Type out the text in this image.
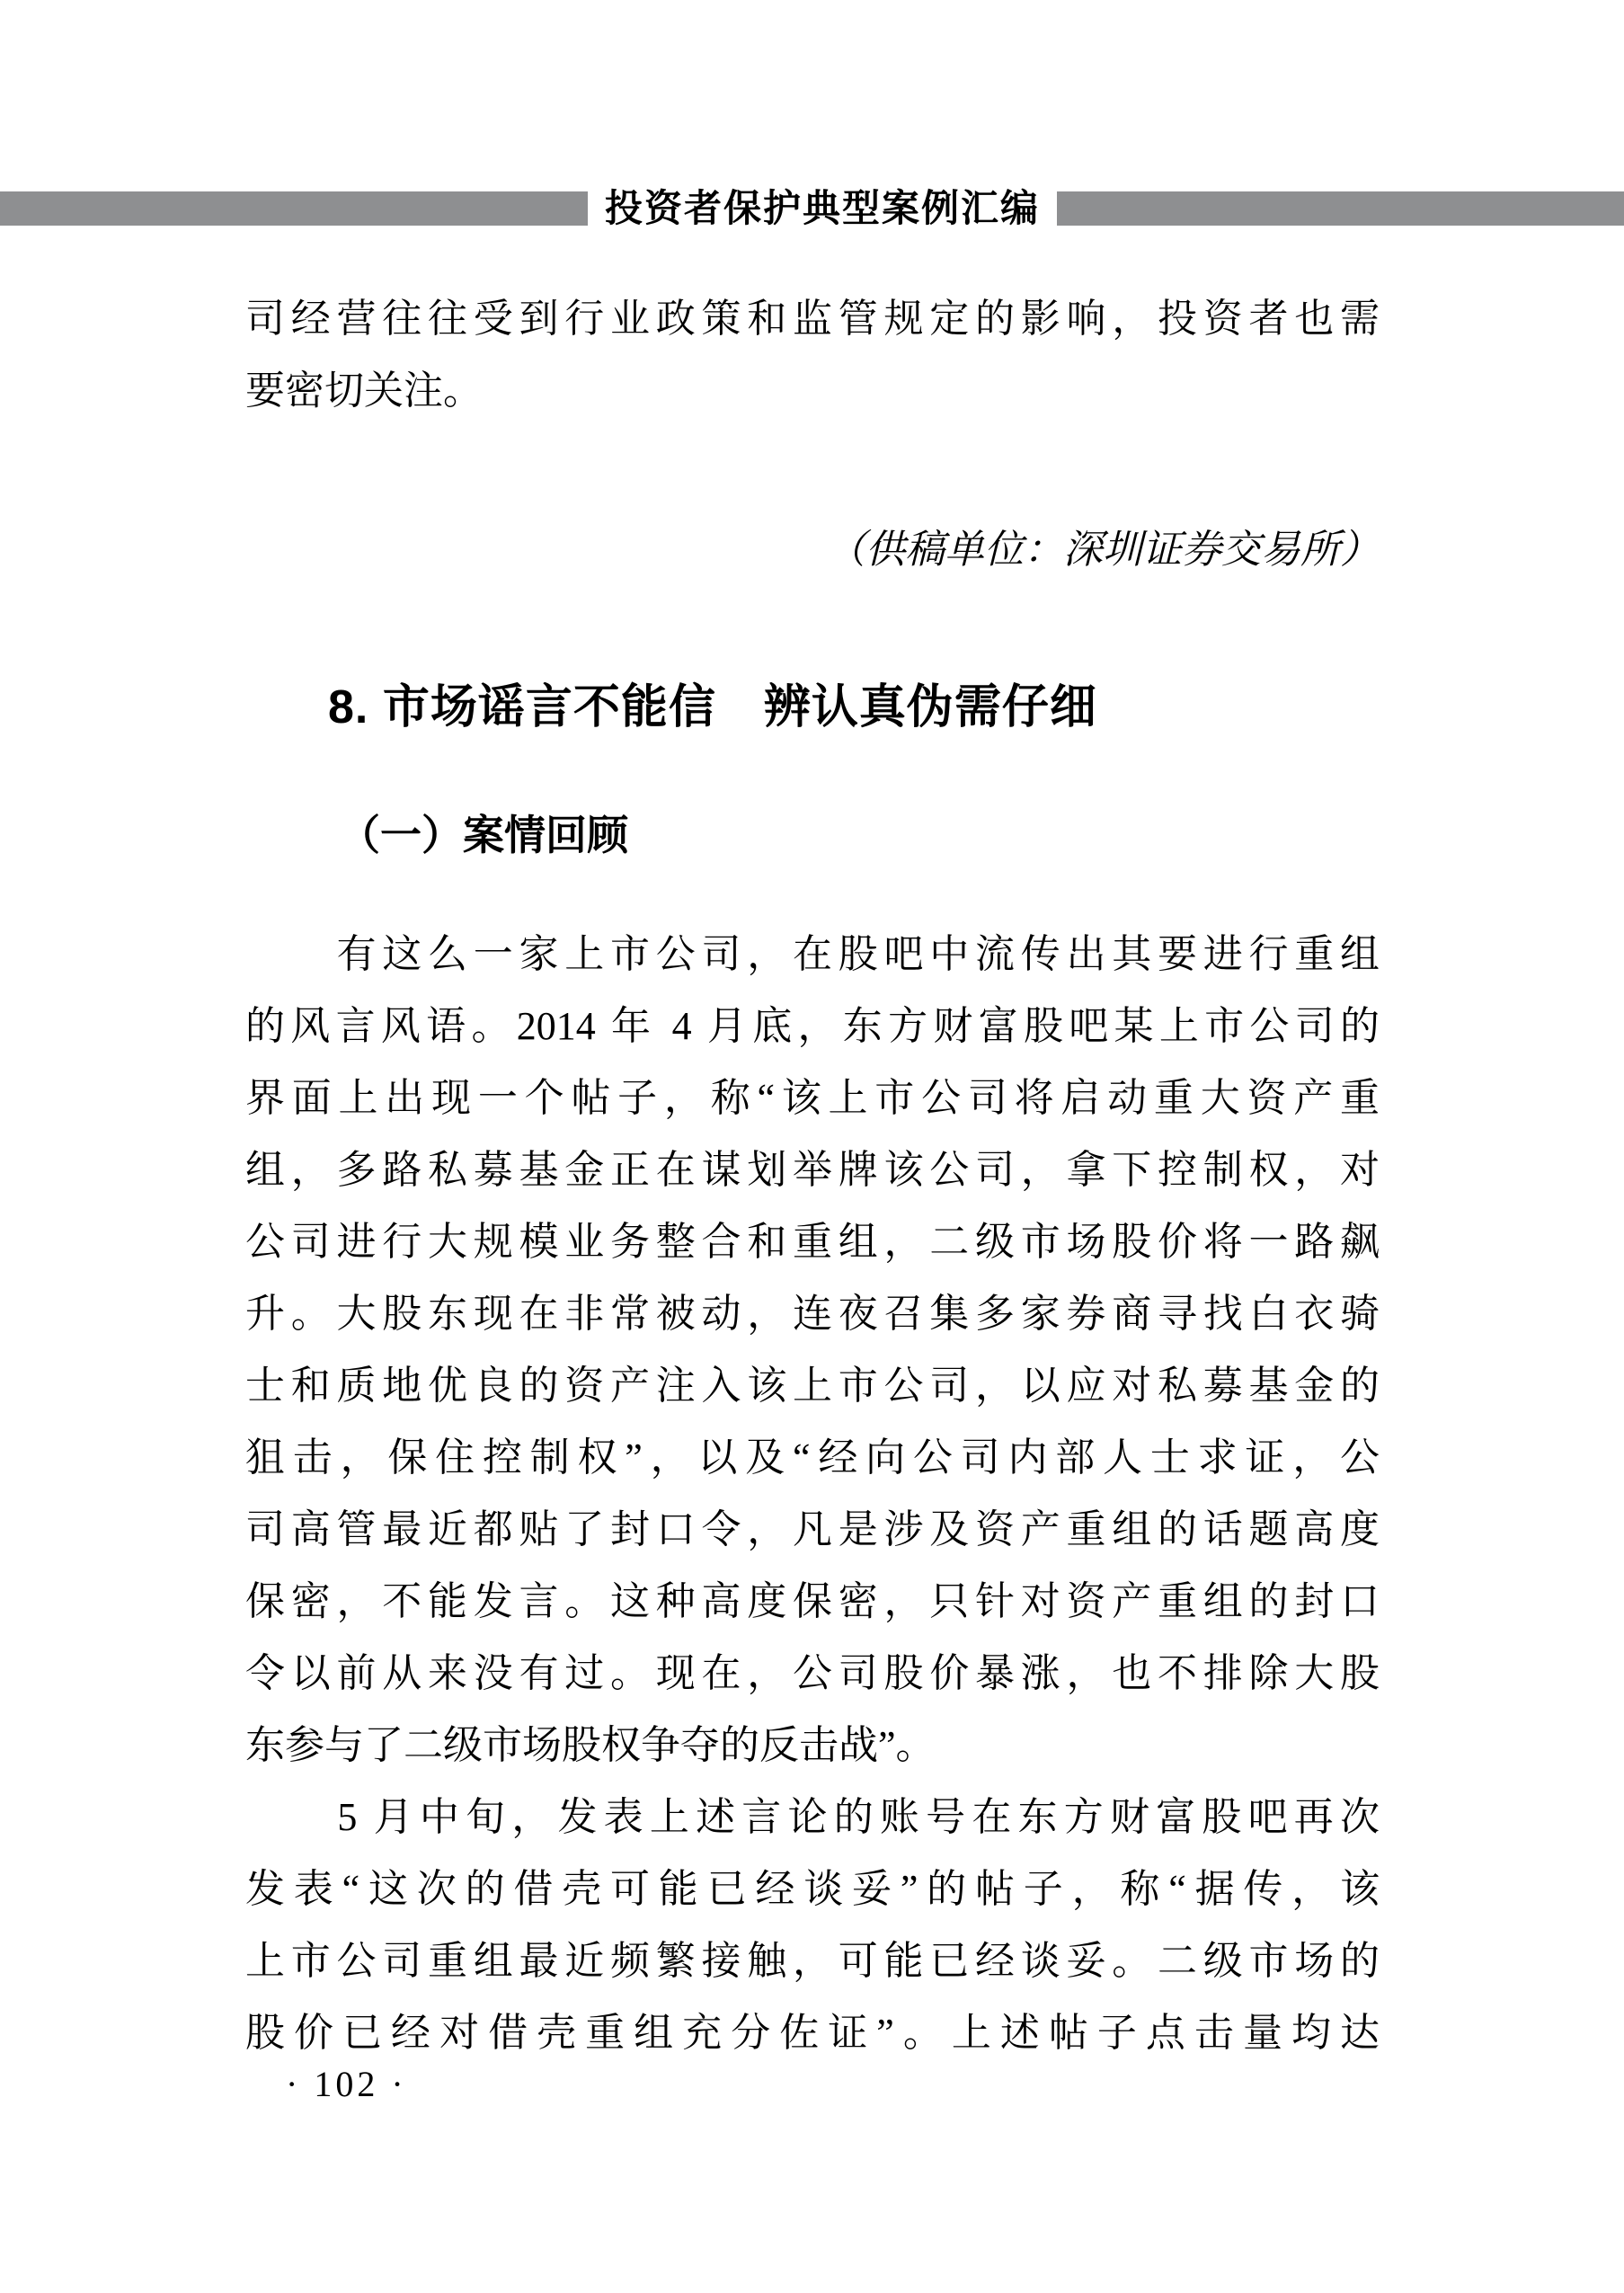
投资者保护典型案例汇编
司经营往往受到行业政策和监管规定的影响，投资者也需
要密切关注。
（供稿单位：深圳证券交易所）
8. 市场谣言不能信　辨认真伪需仔细
（一）案情回顾
　　有这么一家上市公司，在股吧中流传出其要进行重组
的风言风语。2014 年 4 月底，东方财富股吧某上市公司的
界面上出现一个帖子，称“该上市公司将启动重大资产重
组，多路私募基金正在谋划举牌该公司，拿下控制权，对
公司进行大规模业务整合和重组，二级市场股价将一路飙
升。大股东现在非常被动，连夜召集多家券商寻找白衣骑
士和质地优良的资产注入该上市公司，以应对私募基金的
狙击，保住控制权”，以及“经向公司内部人士求证，公
司高管最近都贴了封口令，凡是涉及资产重组的话题高度
保密，不能发言。这种高度保密，只针对资产重组的封口
令以前从来没有过。现在，公司股价暴涨，也不排除大股
东参与了二级市场股权争夺的反击战”。
　　5 月中旬，发表上述言论的账号在东方财富股吧再次
发表“这次的借壳可能已经谈妥”的帖子，称“据传，该
上市公司重组最近频繁接触，可能已经谈妥。二级市场的
股价已经对借壳重组充分佐证”。上述帖子点击量均达
· 102 ·
